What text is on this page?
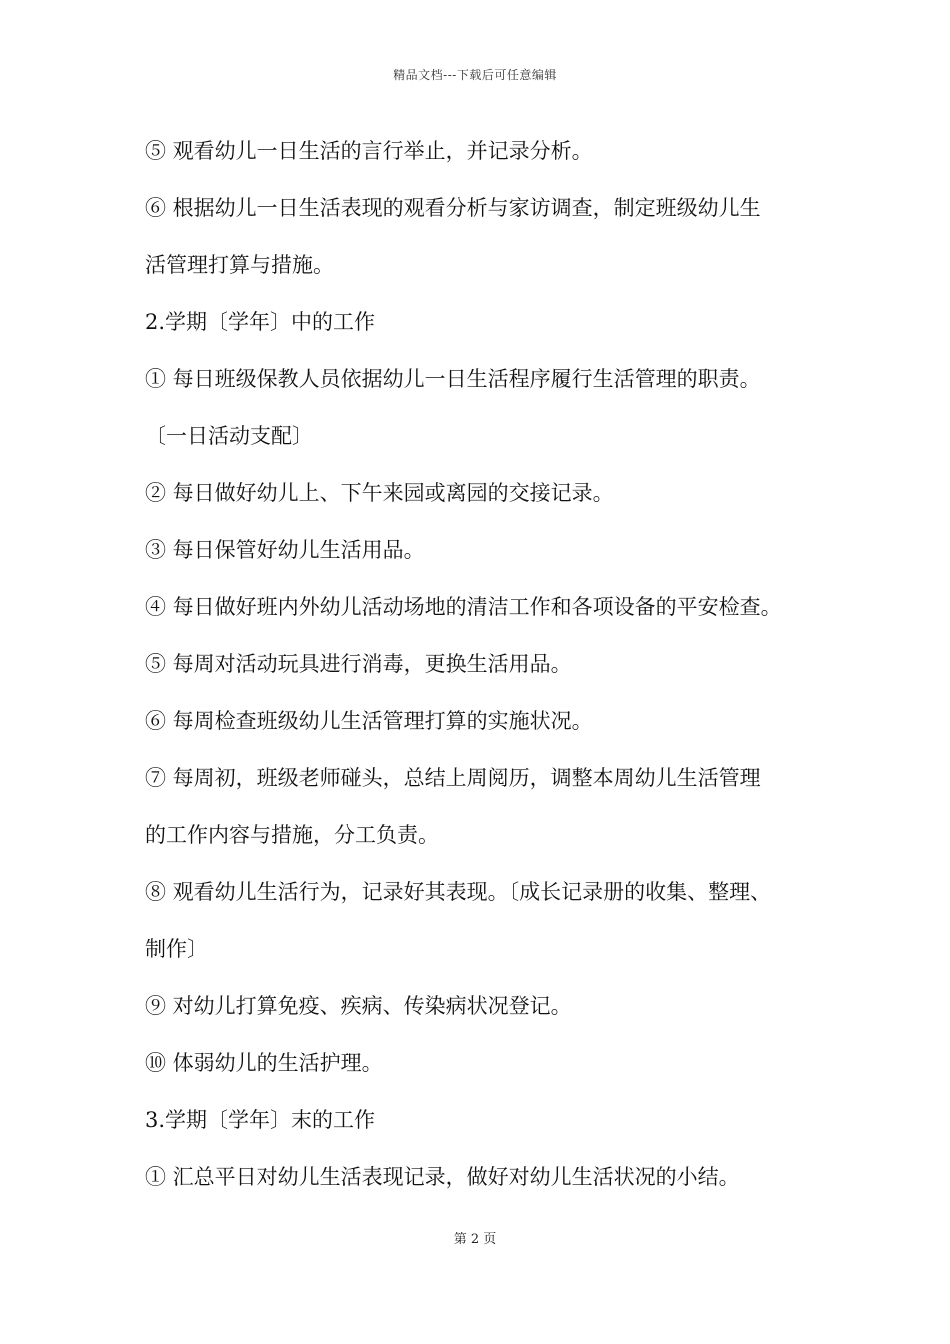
精品文档---下载后可任意编辑
⑤ 观看幼儿一日生活的言行举止，并记录分析。
⑥ 根据幼儿一日生活表现的观看分析与家访调查，制定班级幼儿生
活管理打算与措施。
2.学期〔学年〕中的工作
① 每日班级保教人员依据幼儿一日生活程序履行生活管理的职责。
〔一日活动支配〕
② 每日做好幼儿上、下午来园或离园的交接记录。
③ 每日保管好幼儿生活用品。
④ 每日做好班内外幼儿活动场地的清洁工作和各项设备的平安检查。
⑤ 每周对活动玩具进行消毒，更换生活用品。
⑥ 每周检查班级幼儿生活管理打算的实施状况。
⑦ 每周初，班级老师碰头，总结上周阅历，调整本周幼儿生活管理
的工作内容与措施，分工负责。
⑧ 观看幼儿生活行为，记录好其表现。〔成长记录册的收集、整理、
制作〕
⑨ 对幼儿打算免疫、疾病、传染病状况登记。
⑩ 体弱幼儿的生活护理。
3.学期〔学年〕末的工作
① 汇总平日对幼儿生活表现记录，做好对幼儿生活状况的小结。
第 2 页
